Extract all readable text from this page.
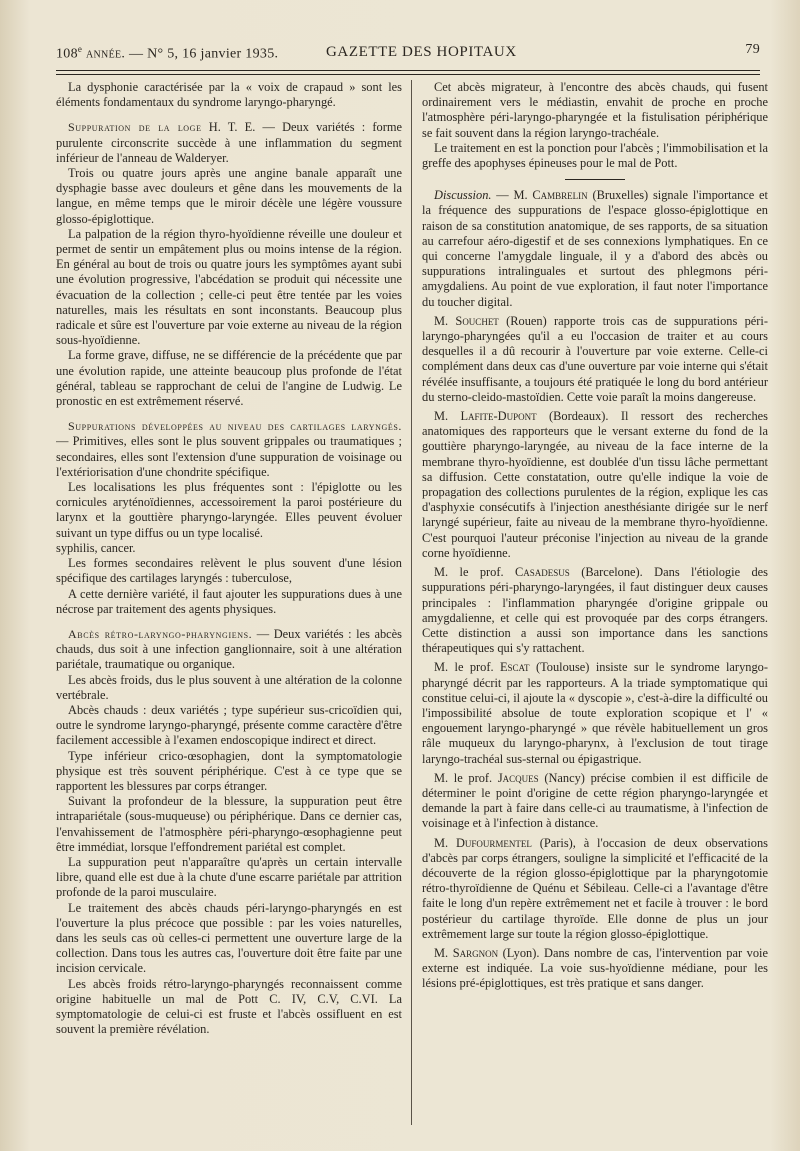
108e année. — N° 5, 16 janvier 1935.	GAZETTE DES HOPITAUX	79

La dysphonie caractérisée par la « voix de crapaud » sont les éléments fondamentaux du syndrome laryngo-pharyngé.

Suppuration de la loge H. T. E. — Deux variétés : forme purulente circonscrite succède à une inflammation du segment inférieur de l'anneau de Walderyer.

Trois ou quatre jours après une angine banale apparaît une dysphagie basse avec douleurs et gêne dans les mouvements de la langue, en même temps que le miroir décèle une légère voussure glosso-épiglottique.

La palpation de la région thyro-hyoïdienne réveille une douleur et permet de sentir un empâtement plus ou moins intense de la région. En général au bout de trois ou quatre jours les symptômes ayant subi une évolution progressive, l'abcédation se produit qui nécessite une évacuation de la collection ; celle-ci peut être tentée par les voies naturelles, mais les résultats en sont inconstants. Beaucoup plus radicale et sûre est l'ouverture par voie externe au niveau de la région sous-hyoïdienne.

La forme grave, diffuse, ne se différencie de la précédente que par une évolution rapide, une atteinte beaucoup plus profonde de l'état général, tableau se rapprochant de celui de l'angine de Ludwig. Le pronostic en est extrêmement réservé.

Suppurations développées au niveau des cartilages laryngés. — Primitives, elles sont le plus souvent grippales ou traumatiques ; secondaires, elles sont l'extension d'une suppuration de voisinage ou l'extériorisation d'une chondrite spécifique.

Les localisations les plus fréquentes sont : l'épiglotte ou les cornicules aryténoïdiennes, accessoirement la paroi postérieure du larynx et la gouttière pharyngo-laryngée. Elles peuvent évoluer suivant un type diffus ou un type localisé.

syphilis, cancer.

Les formes secondaires relèvent le plus souvent d'une lésion spécifique des cartilages laryngés : tuberculose,

A cette dernière variété, il faut ajouter les suppurations dues à une nécrose par traitement des agents physiques.

Abcès rétro-laryngo-pharyngiens. — Deux variétés : les abcès chauds, dus soit à une infection ganglionnaire, soit à une altération pariétale, traumatique ou organique.

Les abcès froids, dus le plus souvent à une altération de la colonne vertébrale.

Abcès chauds : deux variétés ; type supérieur sus-cricoïdien qui, outre le syndrome laryngo-pharyngé, présente comme caractère d'être facilement accessible à l'examen endoscopique indirect et direct.

Type inférieur crico-œsophagien, dont la symptomatologie physique est très souvent périphérique. C'est à ce type que se rapportent les blessures par corps étranger.

Suivant la profondeur de la blessure, la suppuration peut être intrapariétale (sous-muqueuse) ou périphérique. Dans ce dernier cas, l'envahissement de l'atmosphère péri-pharyngo-œsophagienne peut être immédiat, lorsque l'effondrement pariétal est complet.

La suppuration peut n'apparaître qu'après un certain intervalle libre, quand elle est due à la chute d'une escarre pariétale par attrition profonde de la paroi musculaire.

Le traitement des abcès chauds péri-laryngo-pharyngés en est l'ouverture la plus précoce que possible : par les voies naturelles, dans les seuls cas où celles-ci permettent une ouverture large de la collection. Dans tous les autres cas, l'ouverture doit être faite par une incision cervicale.

Les abcès froids rétro-laryngo-pharyngés reconnaissent comme origine habituelle un mal de Pott C. IV, C.V, C.VI. La symptomatologie de celui-ci est fruste et l'abcès ossifluent en est souvent la première révélation.

Cet abcès migrateur, à l'encontre des abcès chauds, qui fusent ordinairement vers le médiastin, envahit de proche en proche l'atmosphère péri-laryngo-pharyngée et la fistulisation périphérique se fait souvent dans la région laryngo-trachéale.

Le traitement en est la ponction pour l'abcès ; l'immobilisation et la greffe des apophyses épineuses pour le mal de Pott.

Discussion. — M. Cambrelin (Bruxelles) signale l'importance et la fréquence des suppurations de l'espace glosso-épiglottique en raison de sa constitution anatomique, de ses rapports, de sa situation au carrefour aéro-digestif et de ses connexions lymphatiques. En ce qui concerne l'amygdale linguale, il y a d'abord des abcès ou suppurations intralinguales et surtout des phlegmons péri-amygdaliens. Au point de vue exploration, il faut noter l'importance du toucher digital.

M. Souchet (Rouen) rapporte trois cas de suppurations péri-laryngo-pharyngées qu'il a eu l'occasion de traiter et au cours desquelles il a dû recourir à l'ouverture par voie externe. Celle-ci complément dans deux cas d'une ouverture par voie interne qui s'était révélée insuffisante, a toujours été pratiquée le long du bord antérieur du sterno-cleido-mastoïdien. Cette voie paraît la moins dangereuse.

M. Lafite-Dupont (Bordeaux). Il ressort des recherches anatomiques des rapporteurs que le versant externe du fond de la gouttière pharyngo-laryngée, au niveau de la face interne de la membrane thyro-hyoïdienne, est doublée d'un tissu lâche permettant sa diffusion. Cette constatation, outre qu'elle indique la voie de propagation des collections purulentes de la région, explique les cas d'asphyxie consécutifs à l'injection anesthésiante dirigée sur le nerf laryngé supérieur, faite au niveau de la membrane thyro-hyoïdienne. C'est pourquoi l'auteur préconise l'injection au niveau de la grande corne hyoïdienne.

M. le prof. Casadesus (Barcelone). Dans l'étiologie des suppurations péri-pharyngo-laryngées, il faut distinguer deux causes principales : l'inflammation pharyngée d'origine grippale ou amygdalienne, et celle qui est provoquée par des corps étrangers. Cette distinction a aussi son importance dans les sanctions thérapeutiques qui s'y rattachent.

M. le prof. Escat (Toulouse) insiste sur le syndrome laryngo-pharyngé décrit par les rapporteurs. A la triade symptomatique qui constitue celui-ci, il ajoute la « dyscopie », c'est-à-dire la difficulté ou l'impossibilité absolue de toute exploration scopique et l' « engouement laryngo-pharyngé » que révèle habituellement un gros râle muqueux du laryngo-pharynx, à l'exclusion de tout tirage laryngo-trachéal sus-sternal ou épigastrique.

M. le prof. Jacques (Nancy) précise combien il est difficile de déterminer le point d'origine de cette région pharyngo-laryngée et demande la part à faire dans celle-ci au traumatisme, à l'infection de voisinage et à l'infection à distance.

M. Dufourmentel (Paris), à l'occasion de deux observations d'abcès par corps étrangers, souligne la simplicité et l'efficacité de la découverte de la région glosso-épiglottique par la pharyngotomie rétro-thyroïdienne de Quénu et Sébileau. Celle-ci a l'avantage d'être faite le long d'un repère extrêmement net et facile à trouver : le bord postérieur du cartilage thyroïde. Elle donne de plus un jour extrêmement large sur toute la région glosso-épiglottique.

M. Sargnon (Lyon). Dans nombre de cas, l'intervention par voie externe est indiquée. La voie sus-hyoïdienne médiane, pour les lésions pré-épiglottiques, est très pratique et sans danger.
